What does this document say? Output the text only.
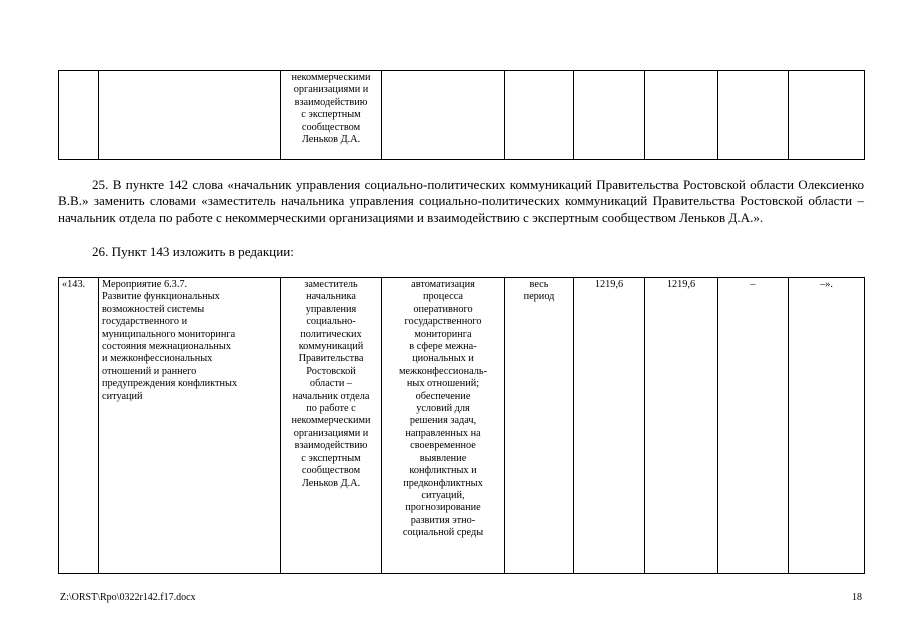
		некоммерческими
организациями и
взаимодействию
с экспертным
сообществом
Леньков Д.А.						
25. В пункте 142 слова «начальник управления социально-политических коммуникаций Правительства Ростовской области Олексиенко В.В.» заменить словами «заместитель начальника управления социально-политических коммуникаций Правительства Ростовской области – начальник отдела по работе с некоммерческими организациями и взаимодействию с экспертным сообществом Леньков Д.А.».
26. Пункт 143 изложить в редакции:
«143.	Мероприятие 6.3.7.
Развитие функциональных
возможностей системы
государственного и
муниципального мониторинга
состояния межнациональных
и межконфессиональных
отношений и раннего
предупреждения конфликтных
ситуаций	заместитель
начальника
управления
социально-
политических
коммуникаций
Правительства
Ростовской
области –
начальник отдела
по работе с
некоммерческими
организациями и
взаимодействию
с экспертным
сообществом
Леньков Д.А.	автоматизация
процесса
оперативного
государственного
мониторинга
в сфере межна-
циональных и
межконфессиональ-
ных отношений;
обеспечение
условий для
решения задач,
направленных на
своевременное
выявление
конфликтных и
предконфликтных
ситуаций,
прогнозирование
развития этно-
социальной среды	весь
период	1219,6	1219,6	–	–».
Z:\ORST\Rpo\0322r142.f17.docx	18
